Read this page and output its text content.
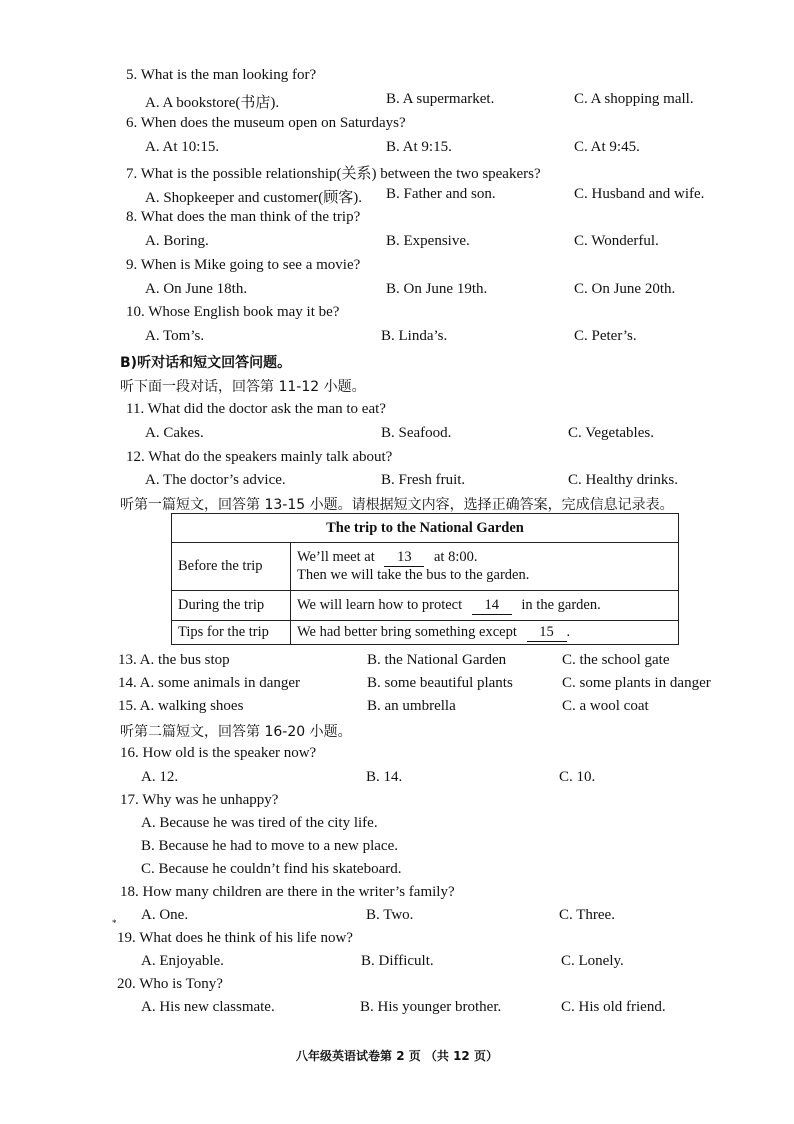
5. What is the man looking for?
A. A bookstore(书店).	B. A supermarket.	C. A shopping mall.
6. When does the museum open on Saturdays?
A. At 10:15.	B. At 9:15.	C. At 9:45.
7. What is the possible relationship(关系) between the two speakers?
A. Shopkeeper and customer(顾客). B. Father and son.	C. Husband and wife.
8. What does the man think of the trip?
A. Boring.	B. Expensive.	C. Wonderful.
9. When is Mike going to see a movie?
A. On June 18th.	B. On June 19th.	C. On June 20th.
10. Whose English book may it be?
A. Tom’s.	B. Linda’s.	C. Peter’s.
B)听对话和短文回答问题。
听下面一段对话，回答第 11-12 小题。
11. What did the doctor ask the man to eat?
A. Cakes.	B. Seafood.	C. Vegetables.
12. What do the speakers mainly talk about?
A. The doctor’s advice.	B. Fresh fruit.	C. Healthy drinks.
听第一篇短文，回答第 13-15 小题。请根据短文内容，选择正确答案，完成信息记录表。
The trip to the National Garden	
Before the trip	We’ll meet at 13 at 8:00.
Then we will take the bus to the garden.

During the trip	We will learn how to protect 14 in the garden.
Tips for the trip	We had better bring something except 15 .
13. A. the bus stop	B. the National Garden	C. the school gate
14. A. some animals in danger	B. some beautiful plants	C. some plants in danger
15. A. walking shoes	B. an umbrella	C. a wool coat
听第二篇短文，回答第 16-20 小题。
16. How old is the speaker now?
A. 12.	B. 14.	C. 10.
17. Why was he unhappy?
A. Because he was tired of the city life.
B. Because he had to move to a new place.
C. Because he couldn’t find his skateboard.
18. How many children are there in the writer’s family?
A. One.	B. Two.	C. Three.
*
19. What does he think of his life now?
A. Enjoyable.	B. Difficult.	C. Lonely.
20. Who is Tony?
A. His new classmate.	B. His younger brother.	C. His old friend.
八年级英语试卷第 2 页 （共 12 页）
